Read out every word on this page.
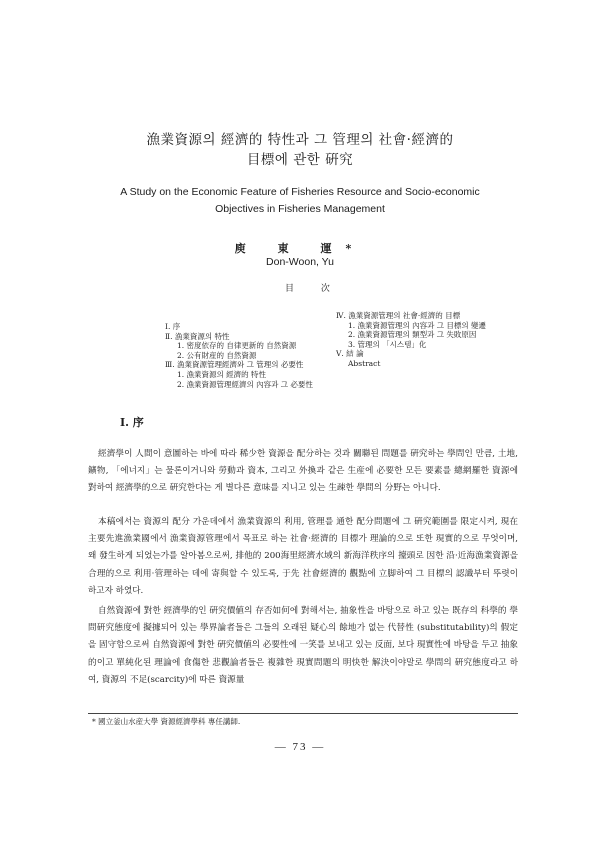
漁業資源의 經濟的 特性과 그 管理의 社會·經濟的
目標에 관한 硏究
A Study on the Economic Feature of Fisheries Resource and Socio-economic
Objectives in Fisheries Management
庾 東 運*
Don-Woon, Yu
目 次
Ⅰ. 序
Ⅱ. 漁業資源의 特性
1. 密度依存的 自律更新的 自然資源
2. 公有財産的 自然資源
Ⅲ. 漁業資源管理經濟와 그 管理의 必要性
1. 漁業資源의 經濟的 特性
2. 漁業資源管理經濟의 內容과 그 必要性
Ⅳ. 漁業資源管理의 社會·經濟的 目標
1. 漁業資源管理의 內容과 그 目標의 變遷
2. 漁業資源管理의 類型과 그 失敗原因
3. 管理의 「시스템」化
Ⅴ. 結 論
Abstract
Ⅰ. 序

經濟學이 人間이 意圖하는 바에 따라 稀少한 資源을 配分하는 것과 關聯된 問題를 硏究하는 學問인 만큼, 土地, 鑛物, 「에너지」는 물론이거니와 勞動과 資本, 그리고 外換과 같은 生産에 必要한 모든 要素를 總網羅한 資源에 對하여 經濟學的으로 硏究한다는 게 별다른 意味를 지니고 있는 生疎한 學問의 分野는 아니다.

本稿에서는 資源의 配分 가운데에서 漁業資源의 利用, 管理를 通한 配分問題에 그 硏究範圍를 限定시켜, 現在 主要先進漁業國에서 漁業資源管理에서 목표로 하는 社會·經濟的 目標가 理論的으로 또한 現實的으로 무엇이며, 왜 發生하게 되었는가를 알아봄으로써, 排他的 200海里經濟水域의 新海洋秩序의 擡頭로 因한 沿·近海漁業資源을 合理的으로 利用·管理하는 데에 寄與할 수 있도록, 于先 社會經濟的 觀點에 立脚하여 그 目標의 認識부터 뚜렷이 하고자 하였다.

自然資源에 對한 經濟學的인 硏究價値의 存否如何에 對해서는, 抽象性을 바탕으로 하고 있는 既存의 科學的 學問硏究態度에 擬據되어 있는 學界論者들은 그들의 오래된 疑心의 餘地가 없는 代替性 (substitutability)의 假定을 固守함으로써 自然資源에 對한 硏究價値의 必要性에 一笑를 보내고 있는 反面, 보다 現實性에 바탕을 두고 抽象的이고 單純化된 理論에 食傷한 悲觀論者들은 複雜한 現實問題의 明快한 解決이야말로 學問의 硏究態度라고 하여, 資源의 不足(scarcity)에 따른 資源量

* 國立釜山水産大學 資源經濟學科 專任講師.
— 73 —
